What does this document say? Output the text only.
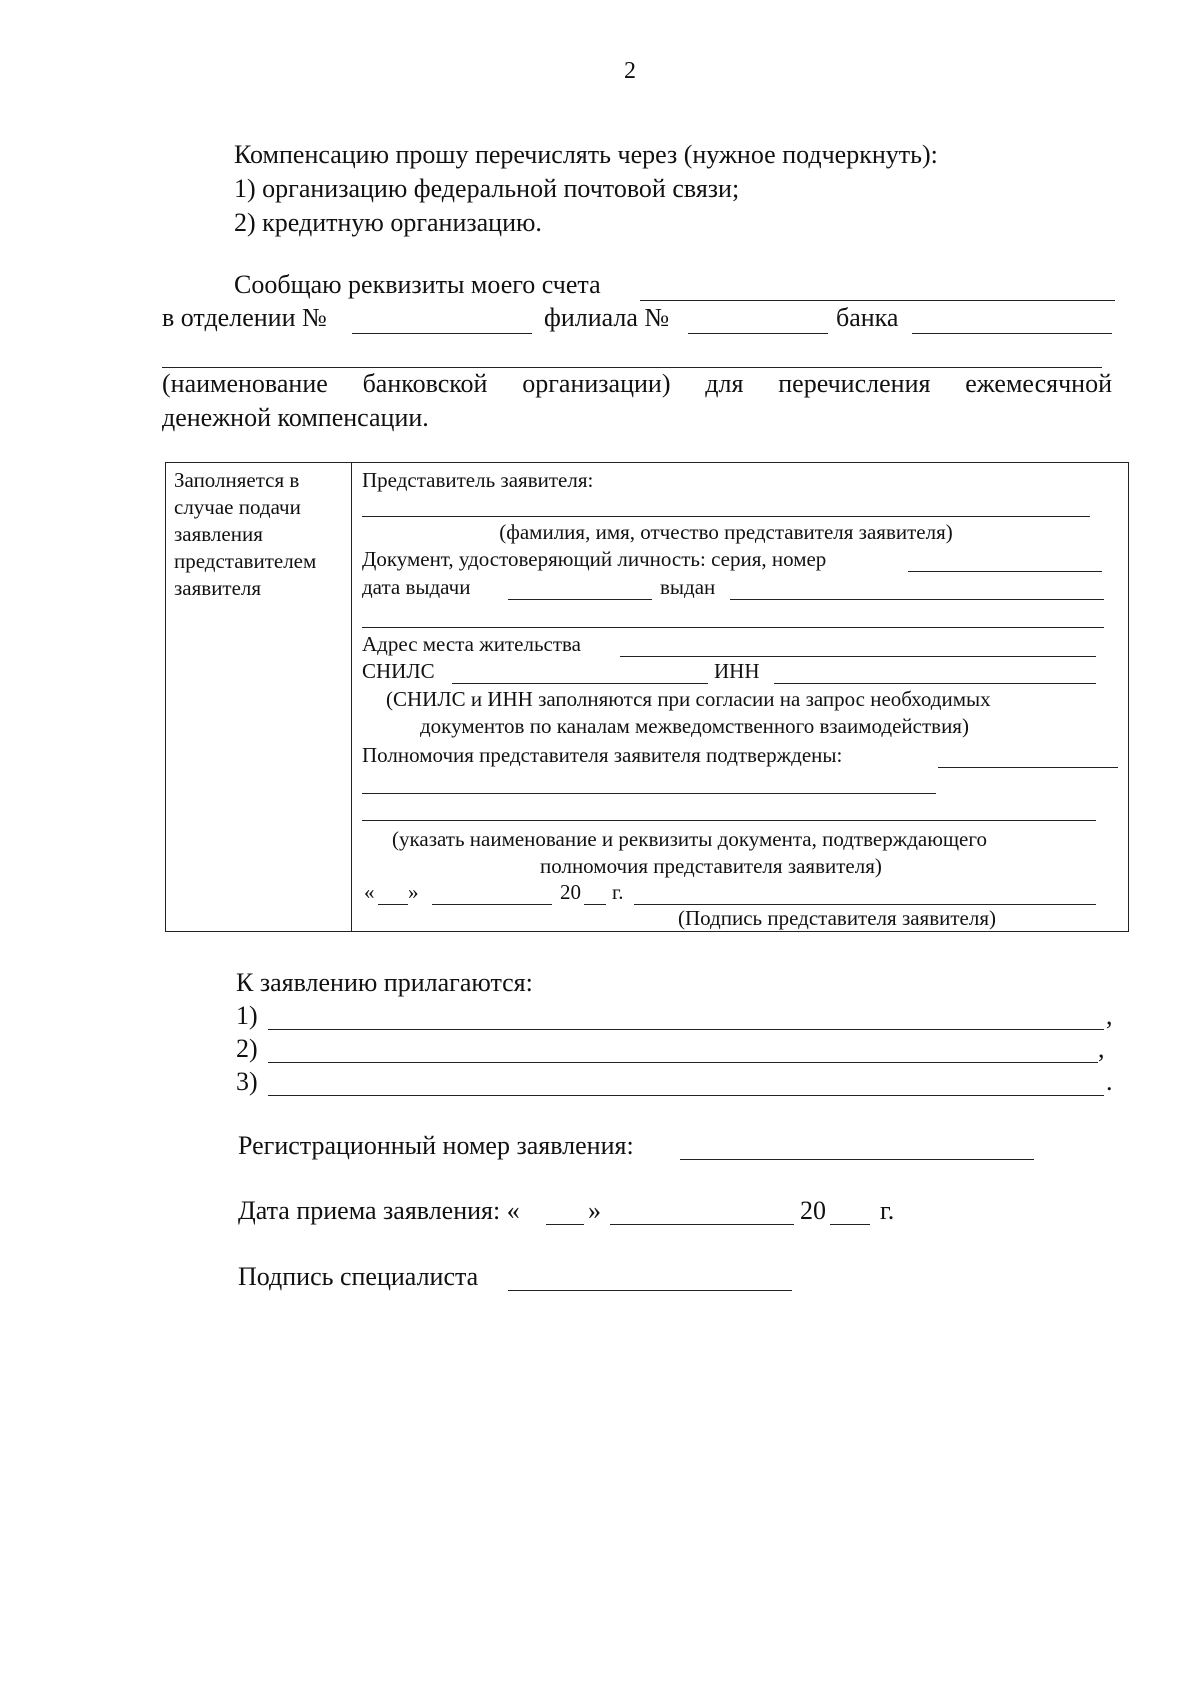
2
Компенсацию прошу перечислять через (нужное подчеркнуть):
1) организацию федеральной почтовой связи;
2) кредитную организацию.
Сообщаю реквизиты моего счета
в отделении №	филиала №	банка
(наименование банковской организации) для перечисления ежемесячной
денежной компенсации.
Заполняется в
случае подачи
заявления
представителем
заявителя
Представитель заявителя:
(фамилия, имя, отчество представителя заявителя)
Документ, удостоверяющий личность: серия, номер
дата выдачи	выдан
Адрес места жительства
СНИЛС	ИНН
(СНИЛС и ИНН заполняются при согласии на запрос необходимых
документов по каналам межведомственного взаимодействия)
Полномочия представителя заявителя подтверждены:
(указать наименование и реквизиты документа, подтверждающего
полномочия представителя заявителя)
« »	20 г.
(Подпись представителя заявителя)
К заявлению прилагаются:
1)	,
2)	,
3)	.
Регистрационный номер заявления:
Дата приема заявления: «	»	20 г.
Подпись специалиста
